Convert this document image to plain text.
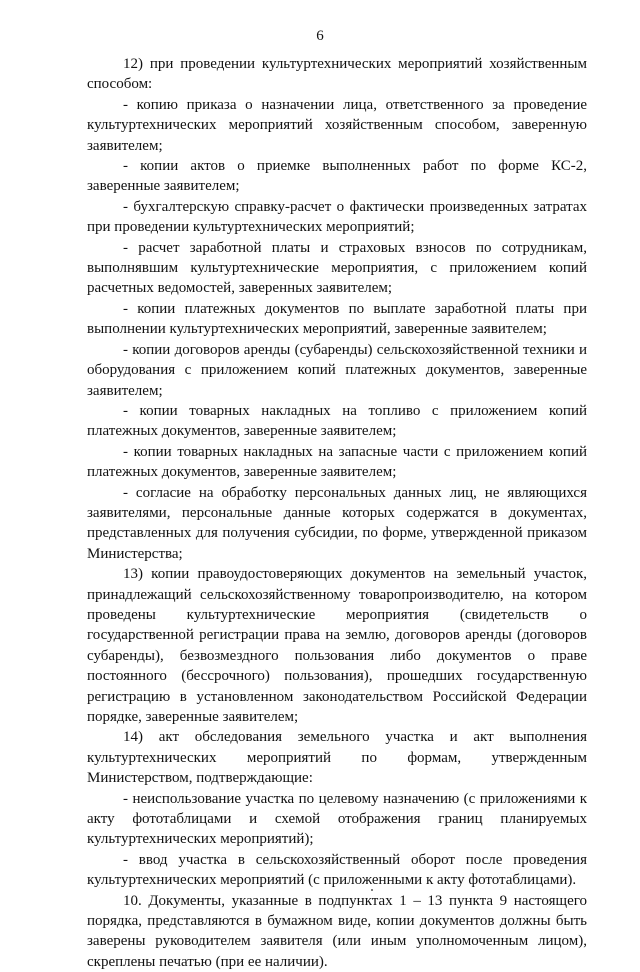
6

12) при проведении культуртехнических мероприятий хозяйственным способом:

- копию приказа о назначении лица, ответственного за проведение культуртехнических мероприятий хозяйственным способом, заверенную заявителем;

- копии актов о приемке выполненных работ по форме КС-2, заверенные заявителем;

- бухгалтерскую справку-расчет о фактически произведенных затратах при проведении культуртехнических мероприятий;

- расчет заработной платы и страховых взносов по сотрудникам, выполнявшим культуртехнические мероприятия, с приложением копий расчетных ведомостей, заверенных заявителем;

- копии платежных документов по выплате заработной платы при выполнении культуртехнических мероприятий, заверенные заявителем;

- копии договоров аренды (субаренды) сельскохозяйственной техники и оборудования с приложением копий платежных документов, заверенные заявителем;

- копии товарных накладных на топливо с приложением копий платежных документов, заверенные заявителем;

- копии товарных накладных на запасные части с приложением копий платежных документов, заверенные заявителем;

- согласие на обработку персональных данных лиц, не являющихся заявителями, персональные данные которых содержатся в документах, представленных для получения субсидии, по форме, утвержденной приказом Министерства;

13) копии правоудостоверяющих документов на земельный участок, принадлежащий сельскохозяйственному товаропроизводителю, на котором проведены культуртехнические мероприятия (свидетельств о государственной регистрации права на землю, договоров аренды (договоров субаренды), безвозмездного пользования либо документов о праве постоянного (бессрочного) пользования), прошедших государственную регистрацию в установленном законодательством Российской Федерации порядке, заверенные заявителем;

14) акт обследования земельного участка и акт выполнения культуртехнических мероприятий по формам, утвержденным Министерством, подтверждающие:

- неиспользование участка по целевому назначению (с приложениями к акту фототаблицами и схемой отображения границ планируемых культуртехнических мероприятий);

- ввод участка в сельскохозяйственный оборот после проведения культуртехнических мероприятий (с приложенными к акту фототаблицами).

10. Документы, указанные в подпунктах 1 – 13 пункта 9 настоящего порядка, представляются в бумажном виде, копии документов должны быть заверены руководителем заявителя (или иным уполномоченным лицом), скреплены печатью (при ее наличии).
